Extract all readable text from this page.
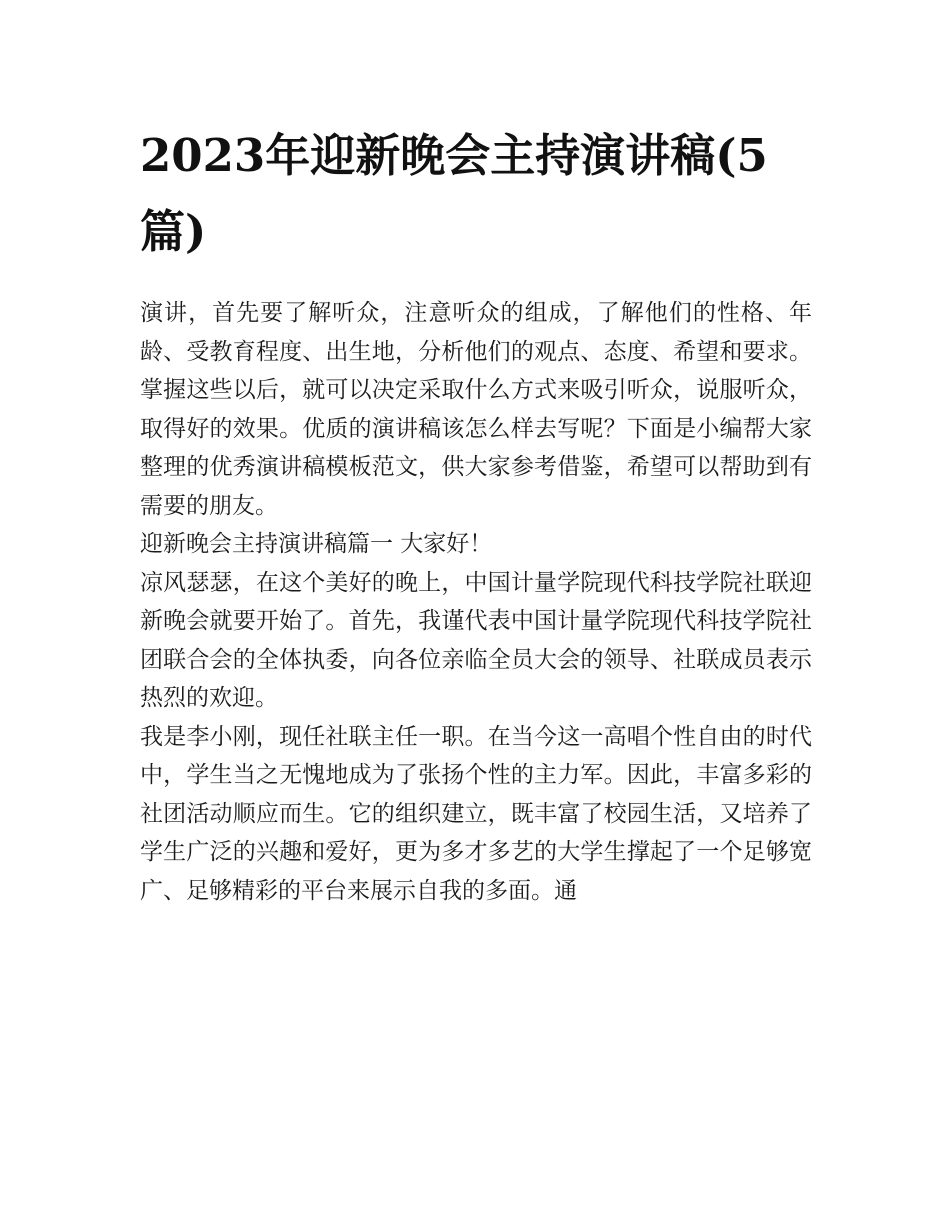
2023年迎新晚会主持演讲稿(5篇)

演讲，首先要了解听众，注意听众的组成，了解他们的性格、年龄、受教育程度、出生地，分析他们的观点、态度、希望和要求。掌握这些以后，就可以决定采取什么方式来吸引听众，说服听众，取得好的效果。优质的演讲稿该怎么样去写呢？下面是小编帮大家整理的优秀演讲稿模板范文，供大家参考借鉴，希望可以帮助到有需要的朋友。

迎新晚会主持演讲稿篇一 大家好！

凉风瑟瑟，在这个美好的晚上，中国计量学院现代科技学院社联迎新晚会就要开始了。首先，我谨代表中国计量学院现代科技学院社团联合会的全体执委，向各位亲临全员大会的领导、社联成员表示热烈的欢迎。

我是李小刚，现任社联主任一职。在当今这一高唱个性自由的时代中，学生当之无愧地成为了张扬个性的主力军。因此，丰富多彩的社团活动顺应而生。它的组织建立，既丰富了校园生活，又培养了学生广泛的兴趣和爱好，更为多才多艺的大学生撑起了一个足够宽广、足够精彩的平台来展示自我的多面。通
